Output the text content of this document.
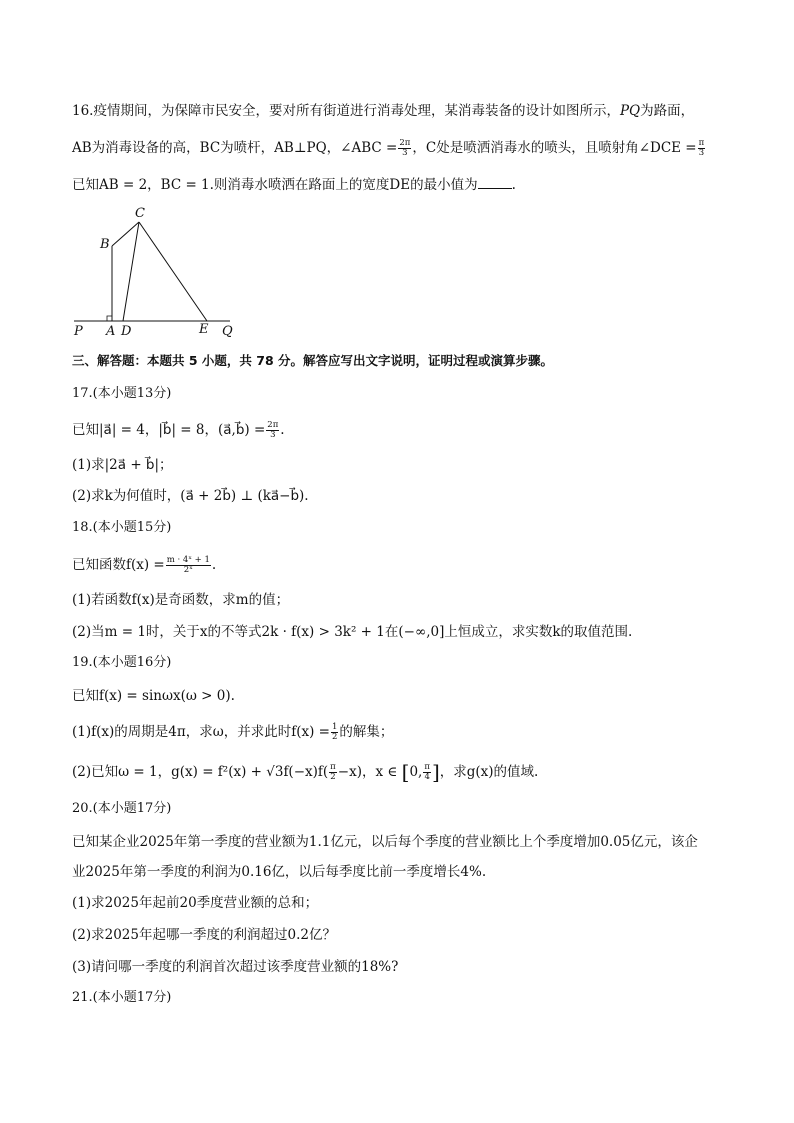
16.疫情期间，为保障市民安全，要对所有街道进行消毒处理，某消毒装备的设计如图所示，PQ为路面，
AB为消毒设备的高，BC为喷杆，AB⊥PQ，∠ABC = $\frac{2\pi}{3}$ ，C处是喷洒消毒水的喷头，且喷射角∠DCE = $\frac{\pi}{3}$
已知AB = 2，BC = 1.则消毒水喷洒在路面上的宽度DE的最小值为	.
P A D	E Q
B
C
三、解答题：本题共 5 小题，共 78 分。解答应写出文字说明，证明过程或演算步骤。
17.(本小题13分)
已知|a⃗| = 4，|b⃗| = 8，(a⃗,b⃗) = $\frac{2\pi}{3}$ .
(1)求|2a⃗ + b⃗|；
(2)求k为何值时，(a⃗ + 2b⃗) ⊥ (ka⃗−b⃗).
18.(本小题15分)
已知函数$f(x) = \frac{\text{m · 4ˣ + 1}}{\text{2ˣ}}$ .
(1)若函数f(x)是奇函数，求m的值；
(2)当m = 1时，关于x的不等式2k · f(x) > 3k² + 1在(−∞,0]上恒成立，求实数k的取值范围.
19.(本小题16分)
已知f(x) = sinωx(ω > 0).
(1)f(x)的周期是4π，求ω，并求此时$f(x) = \frac{1}{2}$ 的解集；
(2)已知ω = 1，$g(x) = f^2(x) + √3f(-x)f( \frac{\pi}{2} -x)$，x ∈ [0, $\frac{\pi}{4}$ ]，求g(x)的值域.
20.(本小题17分)
已知某企业2025年第一季度的营业额为1.1亿元，以后每个季度的营业额比上个季度增加0.05亿元，该企
业2025年第一季度的利润为0.16亿，以后每季度比前一季度增长4%.
(1)求2025年起前20季度营业额的总和；
(2)求2025年起哪一季度的利润超过0.2亿？
(3)请问哪一季度的利润首次超过该季度营业额的18%?
21.(本小题17分)
